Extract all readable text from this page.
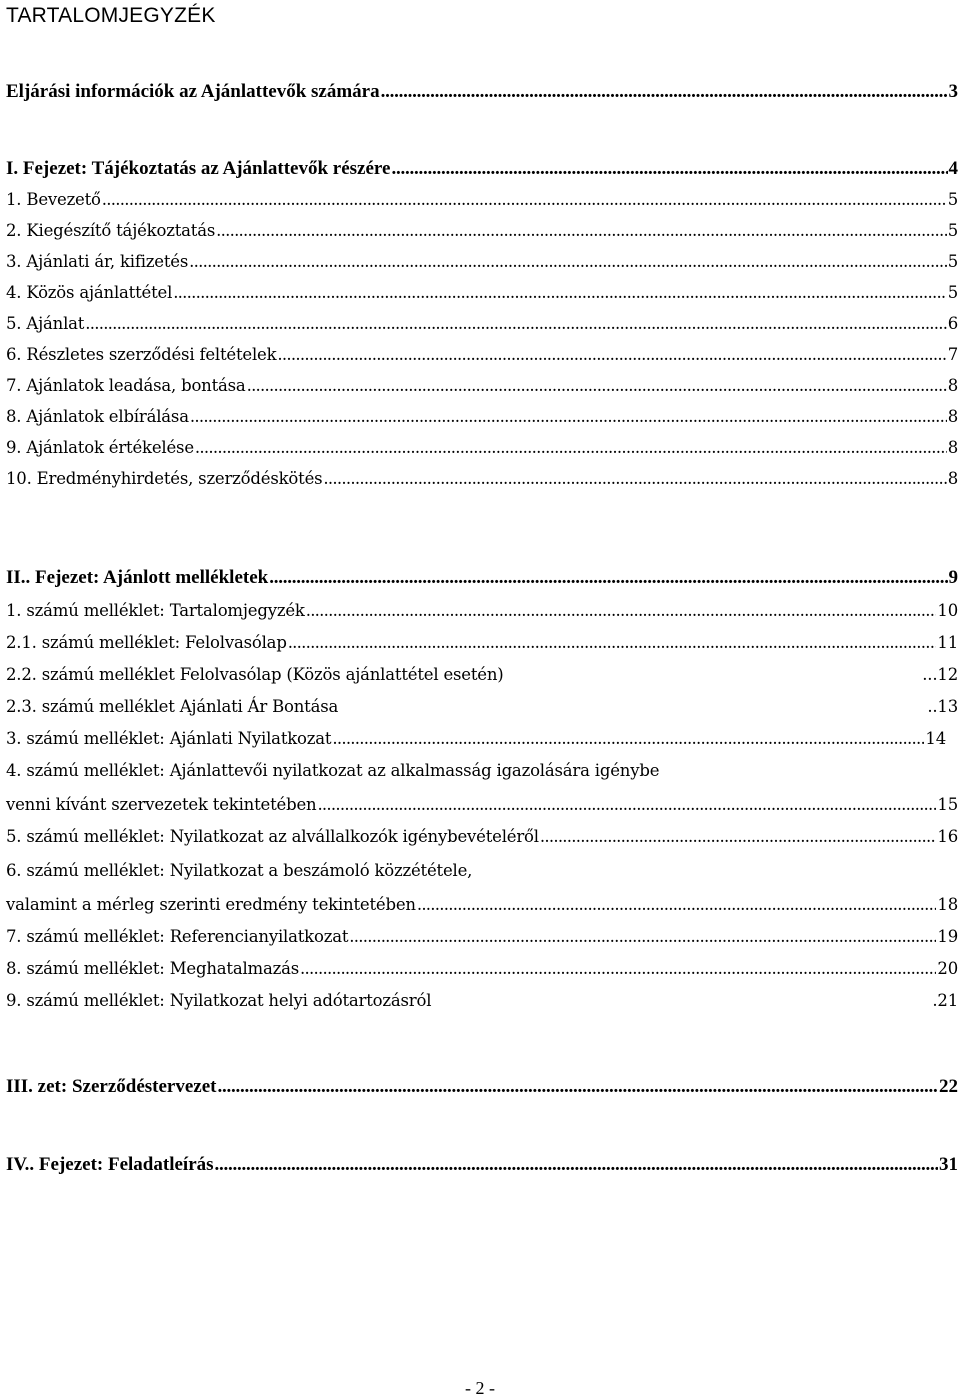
TARTALOMJEGYZÉK
Eljárási információk az Ajánlattevők számára . . .	3
I. Fejezet: Tájékoztatás az Ajánlattevők részére . . .	4
1. Bevezető . . .	5
2. Kiegészítő tájékoztatás . . .	5
3. Ajánlati ár, kifizetés . . .	5
4. Közös ajánlattétel . . .	5
5. Ajánlat . . .	6
6. Részletes szerződési feltételek . . .	7
7. Ajánlatok leadása, bontása . . .	8
8. Ajánlatok elbírálása . . .	8
9. Ajánlatok értékelése . . .	8
10. Eredményhirdetés, szerződéskötés . . .	8
II.. Fejezet: Ajánlott mellékletek . . .	9
1. számú melléklet: Tartalomjegyzék . . .	10
2.1. számú melléklet: Felolvasólap . . .	11
2.2. számú melléklet Felolvasólap (Közös ajánlattétel esetén)	...12
2.3. számú melléklet Ajánlati Ár Bontása	..13
3. számú melléklet: Ajánlati Nyilatkozat . . .	14
4. számú melléklet: Ajánlattevői nyilatkozat az alkalmasság igazolására igénybe
venni kívánt szervezetek tekintetében . . .	15
5. számú melléklet: Nyilatkozat az alvállalkozók igénybevételéről . . .	16
6. számú melléklet: Nyilatkozat a beszámoló közzététele,
valamint a mérleg szerinti eredmény tekintetében . . .	18
7. számú melléklet: Referencianyilatkozat . . .	19
8. számú melléklet: Meghatalmazás . . .	20
9. számú melléklet: Nyilatkozat helyi adótartozásról	.21
III. zet: Szerződéstervezet . . .	22
IV.. Fejezet: Feladatleírás . . .	31
- 2 -
